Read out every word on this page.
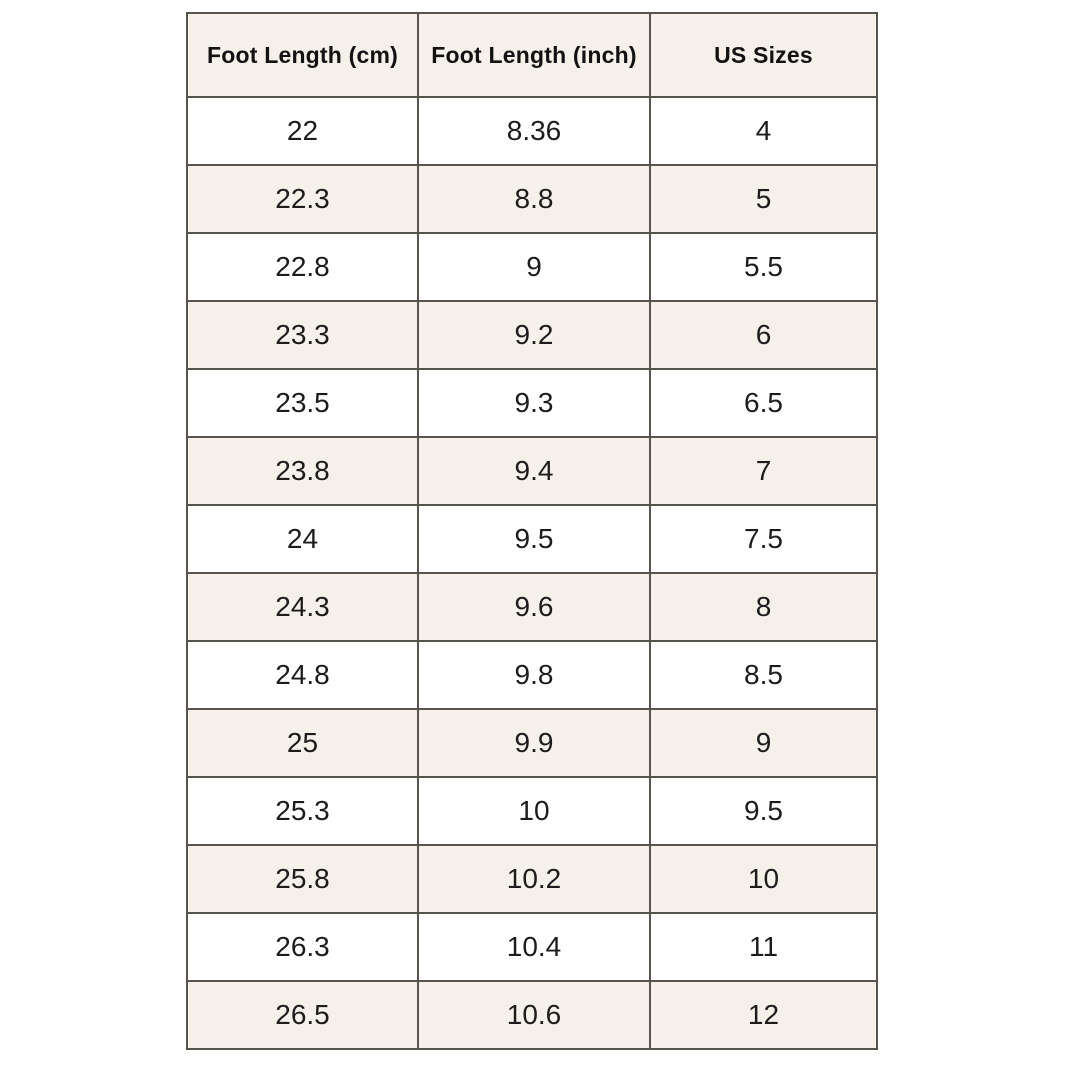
Foot Length (cm)	Foot Length (inch)	US Sizes
22	8.36	4
22.3	8.8	5
22.8	9	5.5
23.3	9.2	6
23.5	9.3	6.5
23.8	9.4	7
24	9.5	7.5
24.3	9.6	8
24.8	9.8	8.5
25	9.9	9
25.3	10	9.5
25.8	10.2	10
26.3	10.4	11
26.5	10.6	12
